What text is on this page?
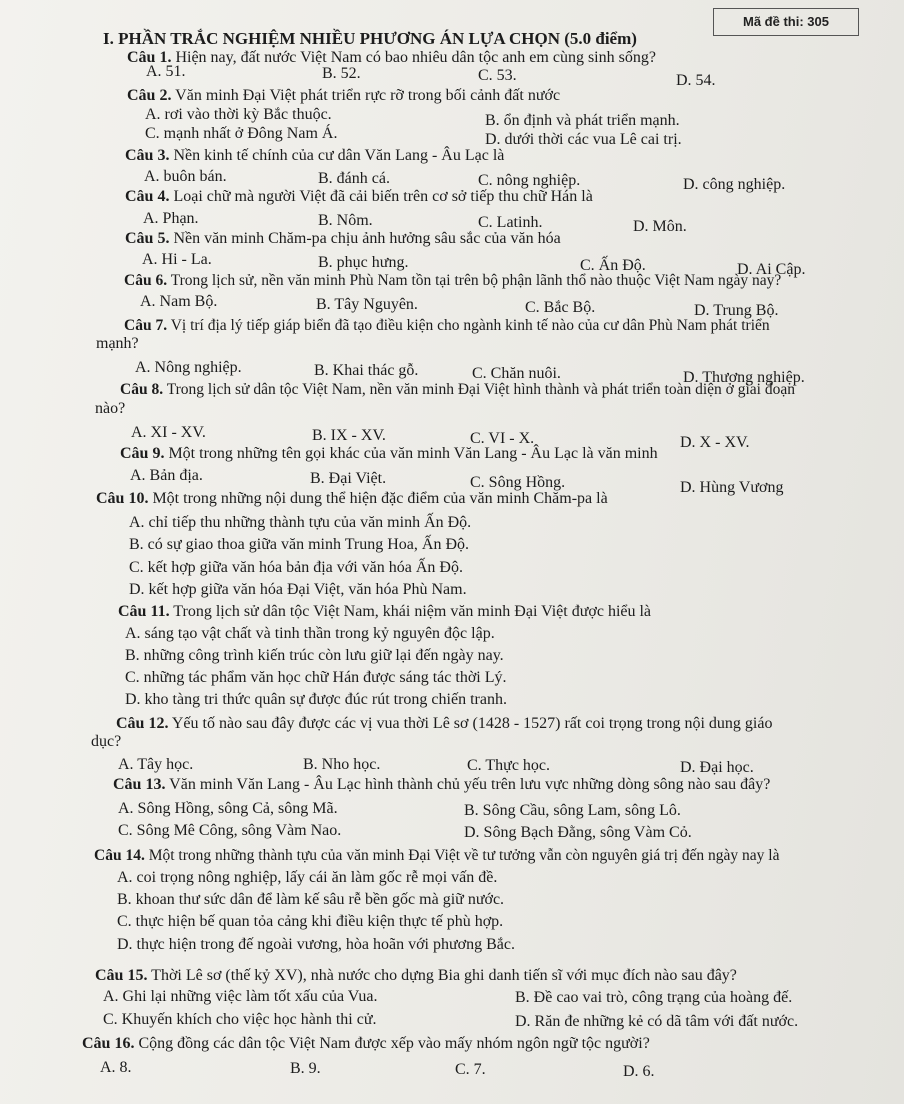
Mã đề thi: 305
I. PHẦN TRẮC NGHIỆM NHIỀU PHƯƠNG ÁN LỰA CHỌN (5.0 điểm)
Câu 1. Hiện nay, đất nước Việt Nam có bao nhiêu dân tộc anh em cùng sinh sống?
A. 51.	B. 52.	C. 53.	D. 54.
Câu 2. Văn minh Đại Việt phát triển rực rỡ trong bối cảnh đất nước
A. rơi vào thời kỳ Bắc thuộc.	B. ổn định và phát triển mạnh.
C. mạnh nhất ở Đông Nam Á.	D. dưới thời các vua Lê cai trị.
Câu 3. Nền kinh tế chính của cư dân Văn Lang - Âu Lạc là
A. buôn bán.	B. đánh cá.	C. nông nghiệp.	D. công nghiệp.
Câu 4. Loại chữ mà người Việt đã cải biến trên cơ sở tiếp thu chữ Hán là
A. Phạn.	B. Nôm.	C. Latinh.	D. Môn.
Câu 5. Nền văn minh Chăm-pa chịu ảnh hưởng sâu sắc của văn hóa
A. Hi - La.	B. phục hưng.	C. Ấn Độ.	D. Ai Cập.
Câu 6. Trong lịch sử, nền văn minh Phù Nam tồn tại trên bộ phận lãnh thổ nào thuộc Việt Nam ngày nay?
A. Nam Bộ.	B. Tây Nguyên.	C. Bắc Bộ.	D. Trung Bộ.
Câu 7. Vị trí địa lý tiếp giáp biển đã tạo điều kiện cho ngành kinh tế nào của cư dân Phù Nam phát triển
mạnh?
A. Nông nghiệp.	B. Khai thác gỗ.	C. Chăn nuôi.	D. Thương nghiệp.
Câu 8. Trong lịch sử dân tộc Việt Nam, nền văn minh Đại Việt hình thành và phát triển toàn diện ở giai đoạn
nào?
A. XI - XV.	B. IX - XV.	C. VI - X.	D. X - XV.
Câu 9. Một trong những tên gọi khác của văn minh Văn Lang - Âu Lạc là văn minh
A. Bản địa.	B. Đại Việt.	C. Sông Hồng.	D. Hùng Vương
Câu 10. Một trong những nội dung thể hiện đặc điểm của văn minh Chăm-pa là
A. chỉ tiếp thu những thành tựu của văn minh Ấn Độ.
B. có sự giao thoa giữa văn minh Trung Hoa, Ấn Độ.
C. kết hợp giữa văn hóa bản địa với văn hóa Ấn Độ.
D. kết hợp giữa văn hóa Đại Việt, văn hóa Phù Nam.
Câu 11. Trong lịch sử dân tộc Việt Nam, khái niệm văn minh Đại Việt được hiểu là
A. sáng tạo vật chất và tinh thần trong kỷ nguyên độc lập.
B. những công trình kiến trúc còn lưu giữ lại đến ngày nay.
C. những tác phẩm văn học chữ Hán được sáng tác thời Lý.
D. kho tàng tri thức quân sự được đúc rút trong chiến tranh.
Câu 12. Yếu tố nào sau đây được các vị vua thời Lê sơ (1428 - 1527) rất coi trọng trong nội dung giáo
dục?
A. Tây học.	B. Nho học.	C. Thực học.	D. Đại học.
Câu 13. Văn minh Văn Lang - Âu Lạc hình thành chủ yếu trên lưu vực những dòng sông nào sau đây?
A. Sông Hồng, sông Cả, sông Mã.	B. Sông Cầu, sông Lam, sông Lô.
C. Sông Mê Công, sông Vàm Nao.	D. Sông Bạch Đằng, sông Vàm Cỏ.
Câu 14. Một trong những thành tựu của văn minh Đại Việt về tư tưởng vẫn còn nguyên giá trị đến ngày nay là
A. coi trọng nông nghiệp, lấy cái ăn làm gốc rễ mọi vấn đề.
B. khoan thư sức dân để làm kế sâu rễ bền gốc mà giữ nước.
C. thực hiện bế quan tỏa cảng khi điều kiện thực tế phù hợp.
D. thực hiện trong đế ngoài vương, hòa hoãn với phương Bắc.
Câu 15. Thời Lê sơ (thế kỷ XV), nhà nước cho dựng Bia ghi danh tiến sĩ với mục đích nào sau đây?
A. Ghi lại những việc làm tốt xấu của Vua.	B. Đề cao vai trò, công trạng của hoàng đế.
C. Khuyến khích cho việc học hành thi cử.	D. Răn đe những kẻ có dã tâm với đất nước.
Câu 16. Cộng đồng các dân tộc Việt Nam được xếp vào mấy nhóm ngôn ngữ tộc người?
A. 8.	B. 9.	C. 7.	D. 6.
